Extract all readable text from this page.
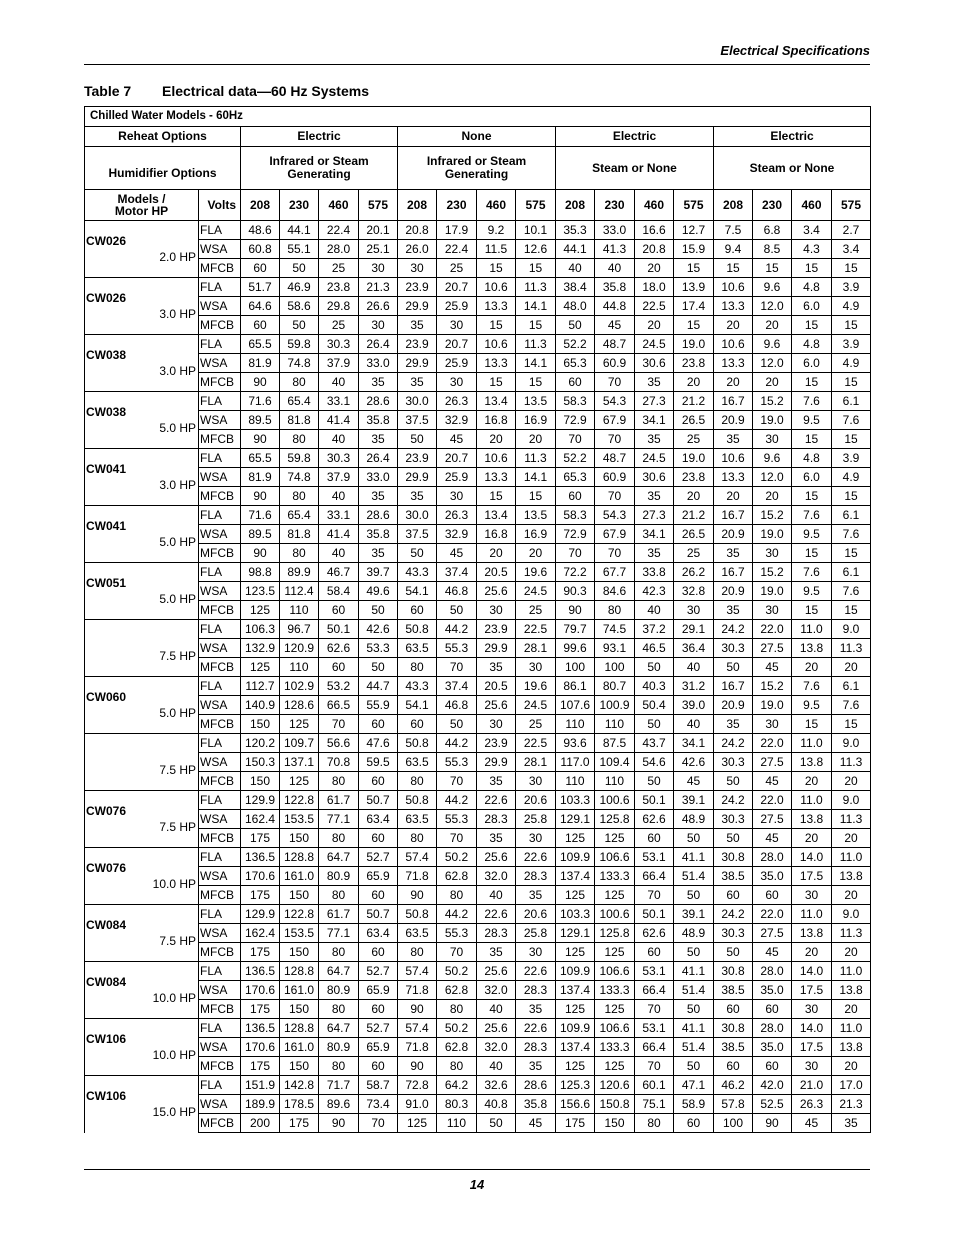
Electrical Specifications
Table 7 Electrical data—60 Hz Systems
Chilled Water Models - 60Hz																	
Reheat Options		Electric				None				Electric				Electric			
Humidifier Options		Infrared or Steam Generating				Infrared or Steam Generating				Steam or None				Steam or None			
Models / Motor HP	Volts	208	230	460	575	208	230	460	575	208	230	460	575	208	230	460	575

CW026
2.0 HP	FLA	48.6	44.1	22.4	20.1	20.8	17.9	9.2	10.1	35.3	33.0	16.6	12.7	7.5	6.8	3.4	2.7
	WSA	60.8	55.1	28.0	25.1	26.0	22.4	11.5	12.6	44.1	41.3	20.8	15.9	9.4	8.5	4.3	3.4
	MFCB	60	50	25	30	30	25	15	15	40	40	20	15	15	15	15	15

CW026
3.0 HP	FLA	51.7	46.9	23.8	21.3	23.9	20.7	10.6	11.3	38.4	35.8	18.0	13.9	10.6	9.6	4.8	3.9
	WSA	64.6	58.6	29.8	26.6	29.9	25.9	13.3	14.1	48.0	44.8	22.5	17.4	13.3	12.0	6.0	4.9
	MFCB	60	50	25	30	35	30	15	15	50	45	20	15	20	20	15	15

CW038
3.0 HP	FLA	65.5	59.8	30.3	26.4	23.9	20.7	10.6	11.3	52.2	48.7	24.5	19.0	10.6	9.6	4.8	3.9
	WSA	81.9	74.8	37.9	33.0	29.9	25.9	13.3	14.1	65.3	60.9	30.6	23.8	13.3	12.0	6.0	4.9
	MFCB	90	80	40	35	35	30	15	15	60	70	35	20	20	20	15	15

CW038
5.0 HP	FLA	71.6	65.4	33.1	28.6	30.0	26.3	13.4	13.5	58.3	54.3	27.3	21.2	16.7	15.2	7.6	6.1
	WSA	89.5	81.8	41.4	35.8	37.5	32.9	16.8	16.9	72.9	67.9	34.1	26.5	20.9	19.0	9.5	7.6
	MFCB	90	80	40	35	50	45	20	20	70	70	35	25	35	30	15	15

CW041
3.0 HP	FLA	65.5	59.8	30.3	26.4	23.9	20.7	10.6	11.3	52.2	48.7	24.5	19.0	10.6	9.6	4.8	3.9
	WSA	81.9	74.8	37.9	33.0	29.9	25.9	13.3	14.1	65.3	60.9	30.6	23.8	13.3	12.0	6.0	4.9
	MFCB	90	80	40	35	35	30	15	15	60	70	35	20	20	20	15	15

CW041
5.0 HP	FLA	71.6	65.4	33.1	28.6	30.0	26.3	13.4	13.5	58.3	54.3	27.3	21.2	16.7	15.2	7.6	6.1
	WSA	89.5	81.8	41.4	35.8	37.5	32.9	16.8	16.9	72.9	67.9	34.1	26.5	20.9	19.0	9.5	7.6
	MFCB	90	80	40	35	50	45	20	20	70	70	35	25	35	30	15	15

CW051
5.0 HP	FLA	98.8	89.9	46.7	39.7	43.3	37.4	20.5	19.6	72.2	67.7	33.8	26.2	16.7	15.2	7.6	6.1
	WSA	123.5	112.4	58.4	49.6	54.1	46.8	25.6	24.5	90.3	84.6	42.3	32.8	20.9	19.0	9.5	7.6
	MFCB	125	110	60	50	60	50	30	25	90	80	40	30	35	30	15	15

7.5 HP	FLA	106.3	96.7	50.1	42.6	50.8	44.2	23.9	22.5	79.7	74.5	37.2	29.1	24.2	22.0	11.0	9.0
	WSA	132.9	120.9	62.6	53.3	63.5	55.3	29.9	28.1	99.6	93.1	46.5	36.4	30.3	27.5	13.8	11.3
	MFCB	125	110	60	50	80	70	35	30	100	100	50	40	50	45	20	20

CW060
5.0 HP	FLA	112.7	102.9	53.2	44.7	43.3	37.4	20.5	19.6	86.1	80.7	40.3	31.2	16.7	15.2	7.6	6.1
	WSA	140.9	128.6	66.5	55.9	54.1	46.8	25.6	24.5	107.6	100.9	50.4	39.0	20.9	19.0	9.5	7.6
	MFCB	150	125	70	60	60	50	30	25	110	110	50	40	35	30	15	15

7.5 HP	FLA	120.2	109.7	56.6	47.6	50.8	44.2	23.9	22.5	93.6	87.5	43.7	34.1	24.2	22.0	11.0	9.0
	WSA	150.3	137.1	70.8	59.5	63.5	55.3	29.9	28.1	117.0	109.4	54.6	42.6	30.3	27.5	13.8	11.3
	MFCB	150	125	80	60	80	70	35	30	110	110	50	45	50	45	20	20

CW076
7.5 HP	FLA	129.9	122.8	61.7	50.7	50.8	44.2	22.6	20.6	103.3	100.6	50.1	39.1	24.2	22.0	11.0	9.0
	WSA	162.4	153.5	77.1	63.4	63.5	55.3	28.3	25.8	129.1	125.8	62.6	48.9	30.3	27.5	13.8	11.3
	MFCB	175	150	80	60	80	70	35	30	125	125	60	50	50	45	20	20

CW076
10.0 HP	FLA	136.5	128.8	64.7	52.7	57.4	50.2	25.6	22.6	109.9	106.6	53.1	41.1	30.8	28.0	14.0	11.0
	WSA	170.6	161.0	80.9	65.9	71.8	62.8	32.0	28.3	137.4	133.3	66.4	51.4	38.5	35.0	17.5	13.8
	MFCB	175	150	80	60	90	80	40	35	125	125	70	50	60	60	30	20

CW084
7.5 HP	FLA	129.9	122.8	61.7	50.7	50.8	44.2	22.6	20.6	103.3	100.6	50.1	39.1	24.2	22.0	11.0	9.0
	WSA	162.4	153.5	77.1	63.4	63.5	55.3	28.3	25.8	129.1	125.8	62.6	48.9	30.3	27.5	13.8	11.3
	MFCB	175	150	80	60	80	70	35	30	125	125	60	50	50	45	20	20

CW084
10.0 HP	FLA	136.5	128.8	64.7	52.7	57.4	50.2	25.6	22.6	109.9	106.6	53.1	41.1	30.8	28.0	14.0	11.0
	WSA	170.6	161.0	80.9	65.9	71.8	62.8	32.0	28.3	137.4	133.3	66.4	51.4	38.5	35.0	17.5	13.8
	MFCB	175	150	80	60	90	80	40	35	125	125	70	50	60	60	30	20

CW106
10.0 HP	FLA	136.5	128.8	64.7	52.7	57.4	50.2	25.6	22.6	109.9	106.6	53.1	41.1	30.8	28.0	14.0	11.0
	WSA	170.6	161.0	80.9	65.9	71.8	62.8	32.0	28.3	137.4	133.3	66.4	51.4	38.5	35.0	17.5	13.8
	MFCB	175	150	80	60	90	80	40	35	125	125	70	50	60	60	30	20

CW106
15.0 HP	FLA	151.9	142.8	71.7	58.7	72.8	64.2	32.6	28.6	125.3	120.6	60.1	47.1	46.2	42.0	21.0	17.0
	WSA	189.9	178.5	89.6	73.4	91.0	80.3	40.8	35.8	156.6	150.8	75.1	58.9	57.8	52.5	26.3	21.3
	MFCB	200	175	90	70	125	110	50	45	175	150	80	60	100	90	45	35
14
